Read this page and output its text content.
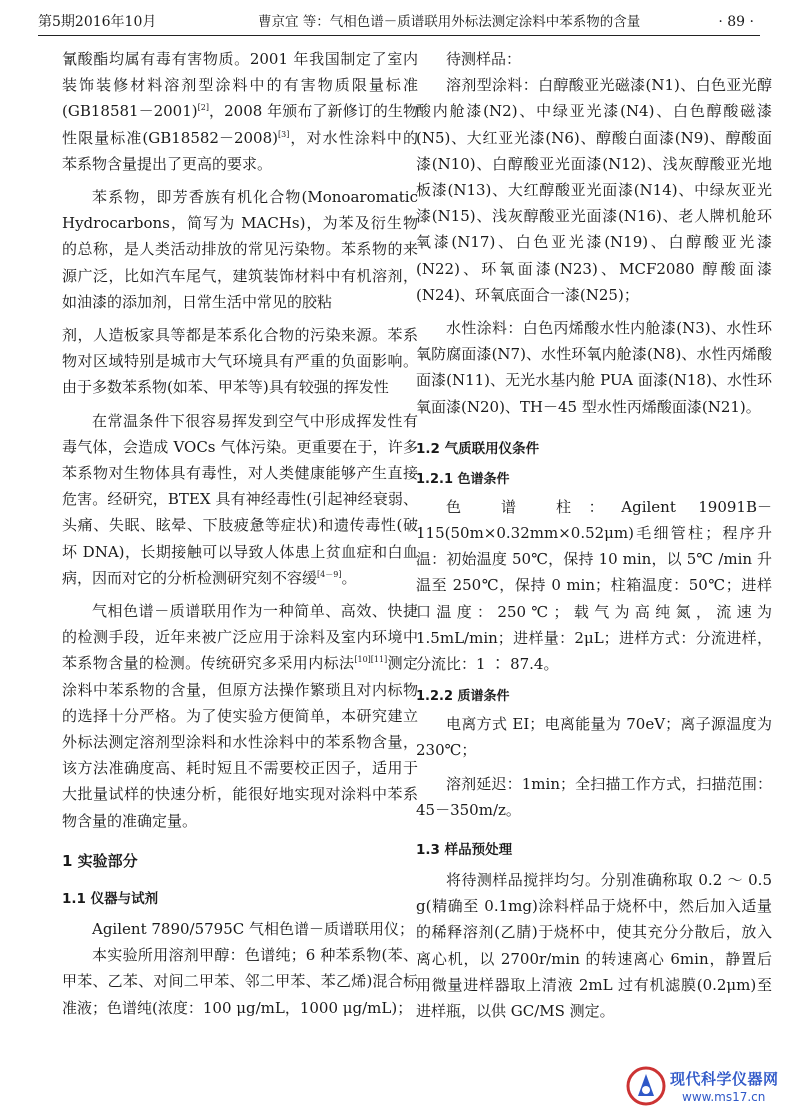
第5期2016年10月	曹京宜 等：气相色谱－质谱联用外标法测定涂料中苯系物的含量	· 89 ·

氰酸酯均属有毒有害物质。2001 年我国制定了室内装饰装修材料溶剂型涂料中的有害物质限量标准(GB18581－2001)[2]，2008 年颁布了新修订的生物性限量标准(GB18582－2008)[3]，对水性涂料中的苯系物含量提出了更高的要求。

苯系物，即芳香族有机化合物(Monoaromatic Hydrocarbons，简写为 MACHs)，为苯及衍生物的总称，是人类活动排放的常见污染物。苯系物的来源广泛，比如汽车尾气，建筑装饰材料中有机溶剂，如油漆的添加剂，日常生活中常见的胶粘

剂，人造板家具等都是苯系化合物的污染来源。苯系物对区域特别是城市大气环境具有严重的负面影响。由于多数苯系物(如苯、甲苯等)具有较强的挥发性

在常温条件下很容易挥发到空气中形成挥发性有毒气体，会造成 VOCs 气体污染。更重要在于，许多苯系物对生物体具有毒性，对人类健康能够产生直接危害。经研究，BTEX 具有神经毒性(引起神经衰弱、头痛、失眠、眩晕、下肢疲惫等症状)和遗传毒性(破坏 DNA)，长期接触可以导致人体患上贫血症和白血病，因而对它的分析检测研究刻不容缓[4－9]。

气相色谱－质谱联用作为一种简单、高效、快捷的检测手段，近年来被广泛应用于涂料及室内环境中苯系物含量的检测。传统研究多采用内标法[10][11]测定涂料中苯系物的含量，但原方法操作繁琐且对内标物的选择十分严格。为了使实验方便简单，本研究建立外标法测定溶剂型涂料和水性涂料中的苯系物含量，该方法准确度高、耗时短且不需要校正因子，适用于大批量试样的快速分析，能很好地实现对涂料中苯系物含量的准确定量。

1 实验部分
1.1 仪器与试剂

Agilent 7890/5795C 气相色谱－质谱联用仪；

本实验所用溶剂甲醇：色谱纯；6 种苯系物(苯、甲苯、乙苯、对间二甲苯、邻二甲苯、苯乙烯)混合标准液；色谱纯(浓度：100 μg/mL，1000 μg/mL)；

待测样品：

溶剂型涂料：白醇酸亚光磁漆(N1)、白色亚光醇酸内舱漆(N2)、中绿亚光漆(N4)、白色醇酸磁漆(N5)、大红亚光漆(N6)、醇酸白面漆(N9)、醇酸面漆(N10)、白醇酸亚光面漆(N12)、浅灰醇酸亚光地板漆(N13)、大红醇酸亚光面漆(N14)、中绿灰亚光漆(N15)、浅灰醇酸亚光面漆(N16)、老人牌机舱环氧漆(N17)、白色亚光漆(N19)、白醇酸亚光漆(N22)、环氧面漆(N23)、MCF2080 醇酸面漆(N24)、环氧底面合一漆(N25)；

水性涂料：白色丙烯酸水性内舱漆(N3)、水性环氧防腐面漆(N7)、水性环氧内舱漆(N8)、水性丙烯酸面漆(N11)、无光水基内舱 PUA 面漆(N18)、水性环氧面漆(N20)、TH－45 型水性丙烯酸面漆(N21)。

1.2 气质联用仪条件
1.2.1 色谱条件

色 谱 柱：Agilent 19091B－115(50m×0.32mm×0.52μm)毛细管柱；程序升温：初始温度 50℃，保持 10 min，以 5℃ /min 升温至 250℃，保持 0 min；柱箱温度：50℃；进样口温度：250℃；载气为高纯氮，流速为 1.5mL/min；进样量：2μL；进样方式：分流进样，分流比：1 ∶ 87.4。

1.2.2 质谱条件

电离方式 EI；电离能量为 70eV；离子源温度为 230℃；

溶剂延迟：1min；全扫描工作方式，扫描范围：45－350m/z。

1.3 样品预处理

将待测样品搅拌均匀。分别准确称取 0.2 ～ 0.5 g(精确至 0.1mg)涂料样品于烧杯中，然后加入适量的稀释溶剂(乙腈)于烧杯中，使其充分分散后，放入离心机，以 2700r/min 的转速离心 6min，静置后用微量进样器取上清液 2mL 过有机滤膜(0.2μm)至进样瓶，以供 GC/MS 测定。

现代科学仪器网
www.ms17.cn
